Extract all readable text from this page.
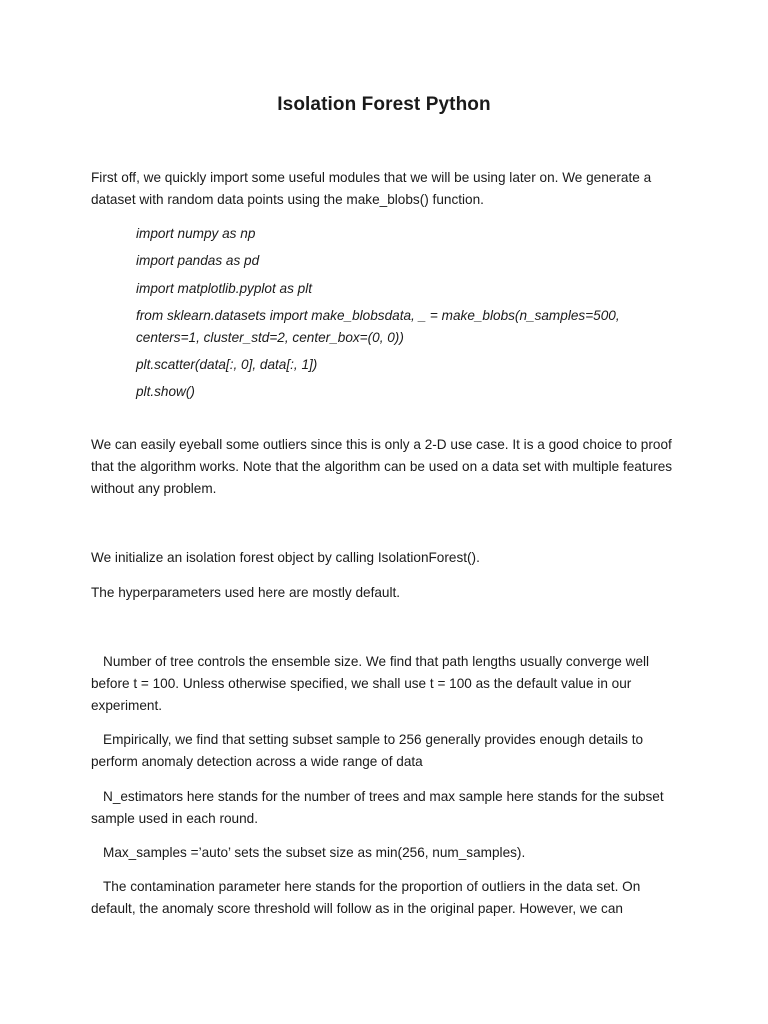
Isolation Forest Python
First off, we quickly import some useful modules that we will be using later on. We generate a dataset with random data points using the make_blobs() function.
import numpy as np
import pandas as pd
import matplotlib.pyplot as plt
from sklearn.datasets import make_blobsdata, _ = make_blobs(n_samples=500, centers=1, cluster_std=2, center_box=(0, 0))
plt.scatter(data[:, 0], data[:, 1])
plt.show()
We can easily eyeball some outliers since this is only a 2-D use case. It is a good choice to proof that the algorithm works. Note that the algorithm can be used on a data set with multiple features without any problem.
We initialize an isolation forest object by calling IsolationForest().
The hyperparameters used here are mostly default.
Number of tree controls the ensemble size. We find that path lengths usually converge well before t = 100. Unless otherwise specified, we shall use t = 100 as the default value in our experiment.
Empirically, we find that setting subset sample to 256 generally provides enough details to perform anomaly detection across a wide range of data
N_estimators here stands for the number of trees and max sample here stands for the subset sample used in each round.
Max_samples =’auto’ sets the subset size as min(256, num_samples).
The contamination parameter here stands for the proportion of outliers in the data set. On default, the anomaly score threshold will follow as in the original paper. However, we can
